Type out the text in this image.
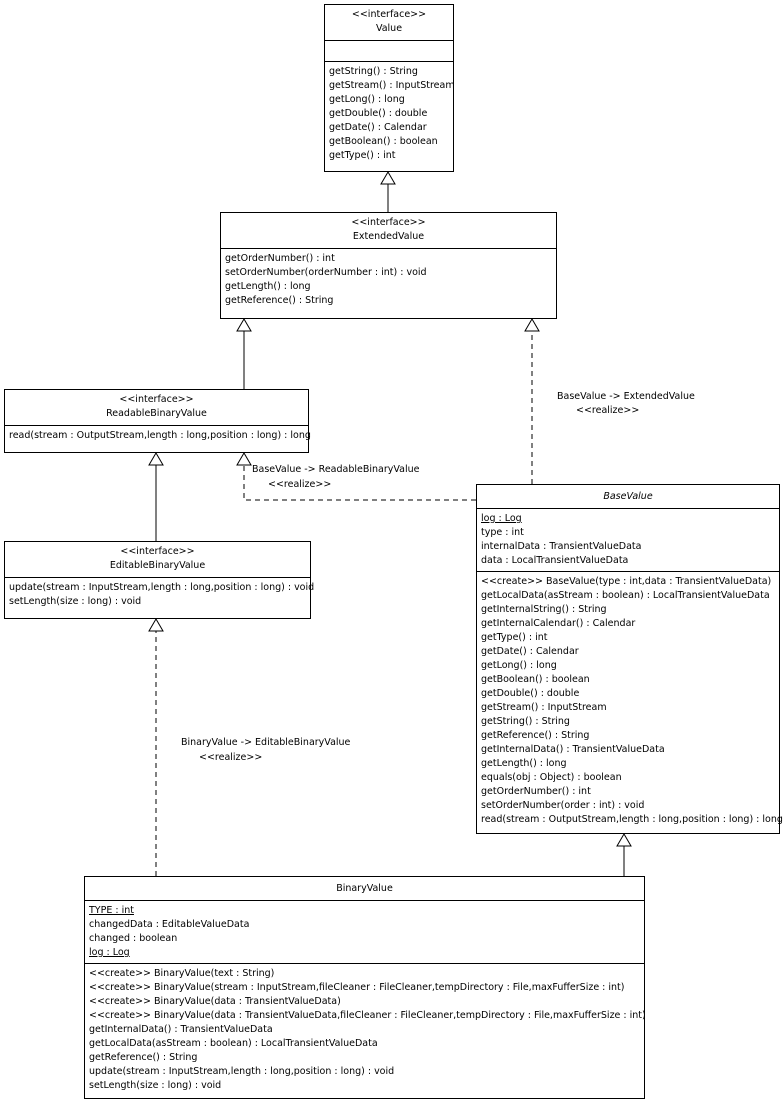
<<interface>>
Value
getString() : String
getStream() : InputStream
getLong() : long
getDouble() : double
getDate() : Calendar
getBoolean() : boolean
getType() : int
<<interface>>
ExtendedValue
getOrderNumber() : int
setOrderNumber(orderNumber : int) : void
getLength() : long
getReference() : String
<<interface>>
ReadableBinaryValue
read(stream : OutputStream,length : long,position : long) : long
<<interface>>
EditableBinaryValue
update(stream : InputStream,length : long,position : long) : void
setLength(size : long) : void
BaseValue
log : Log
type : int
internalData : TransientValueData
data : LocalTransientValueData
<<create>> BaseValue(type : int,data : TransientValueData)
getLocalData(asStream : boolean) : LocalTransientValueData
getInternalString() : String
getInternalCalendar() : Calendar
getType() : int
getDate() : Calendar
getLong() : long
getBoolean() : boolean
getDouble() : double
getStream() : InputStream
getString() : String
getReference() : String
getInternalData() : TransientValueData
getLength() : long
equals(obj : Object) : boolean
getOrderNumber() : int
setOrderNumber(order : int) : void
read(stream : OutputStream,length : long,position : long) : long
BinaryValue
TYPE : int
changedData : EditableValueData
changed : boolean
log : Log
<<create>> BinaryValue(text : String)
<<create>> BinaryValue(stream : InputStream,fileCleaner : FileCleaner,tempDirectory : File,maxFufferSize : int)
<<create>> BinaryValue(data : TransientValueData)
<<create>> BinaryValue(data : TransientValueData,fileCleaner : FileCleaner,tempDirectory : File,maxFufferSize : int)
getInternalData() : TransientValueData
getLocalData(asStream : boolean) : LocalTransientValueData
getReference() : String
update(stream : InputStream,length : long,position : long) : void
setLength(size : long) : void
BaseValue -> ExtendedValue
<<realize>>
BaseValue -> ReadableBinaryValue
<<realize>>
BinaryValue -> EditableBinaryValue
<<realize>>
